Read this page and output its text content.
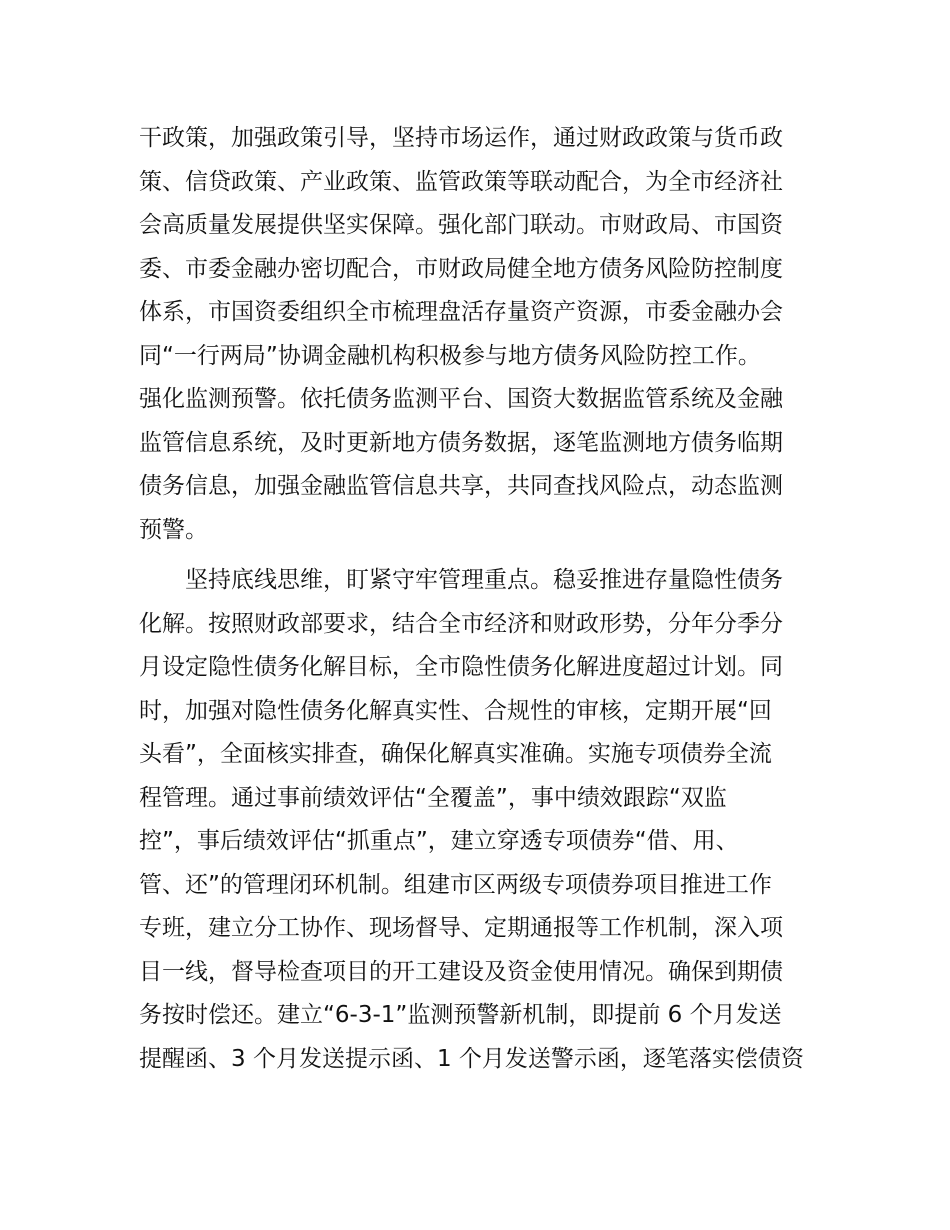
干政策，加强政策引导，坚持市场运作，通过财政政策与货币政
策、信贷政策、产业政策、监管政策等联动配合，为全市经济社
会高质量发展提供坚实保障。强化部门联动。市财政局、市国资
委、市委金融办密切配合，市财政局健全地方债务风险防控制度
体系，市国资委组织全市梳理盘活存量资产资源，市委金融办会
同“一行两局”协调金融机构积极参与地方债务风险防控工作。
强化监测预警。依托债务监测平台、国资大数据监管系统及金融
监管信息系统，及时更新地方债务数据，逐笔监测地方债务临期
债务信息，加强金融监管信息共享，共同查找风险点，动态监测
预警。
　　坚持底线思维，盯紧守牢管理重点。稳妥推进存量隐性债务
化解。按照财政部要求，结合全市经济和财政形势，分年分季分
月设定隐性债务化解目标，全市隐性债务化解进度超过计划。同
时，加强对隐性债务化解真实性、合规性的审核，定期开展“回
头看”，全面核实排查，确保化解真实准确。实施专项债券全流
程管理。通过事前绩效评估“全覆盖”，事中绩效跟踪“双监
控”，事后绩效评估“抓重点”，建立穿透专项债券“借、用、
管、还”的管理闭环机制。组建市区两级专项债券项目推进工作
专班，建立分工协作、现场督导、定期通报等工作机制，深入项
目一线，督导检查项目的开工建设及资金使用情况。确保到期债
务按时偿还。建立“6-3-1”监测预警新机制，即提前 6 个月发送
提醒函、3 个月发送提示函、1 个月发送警示函，逐笔落实偿债资
